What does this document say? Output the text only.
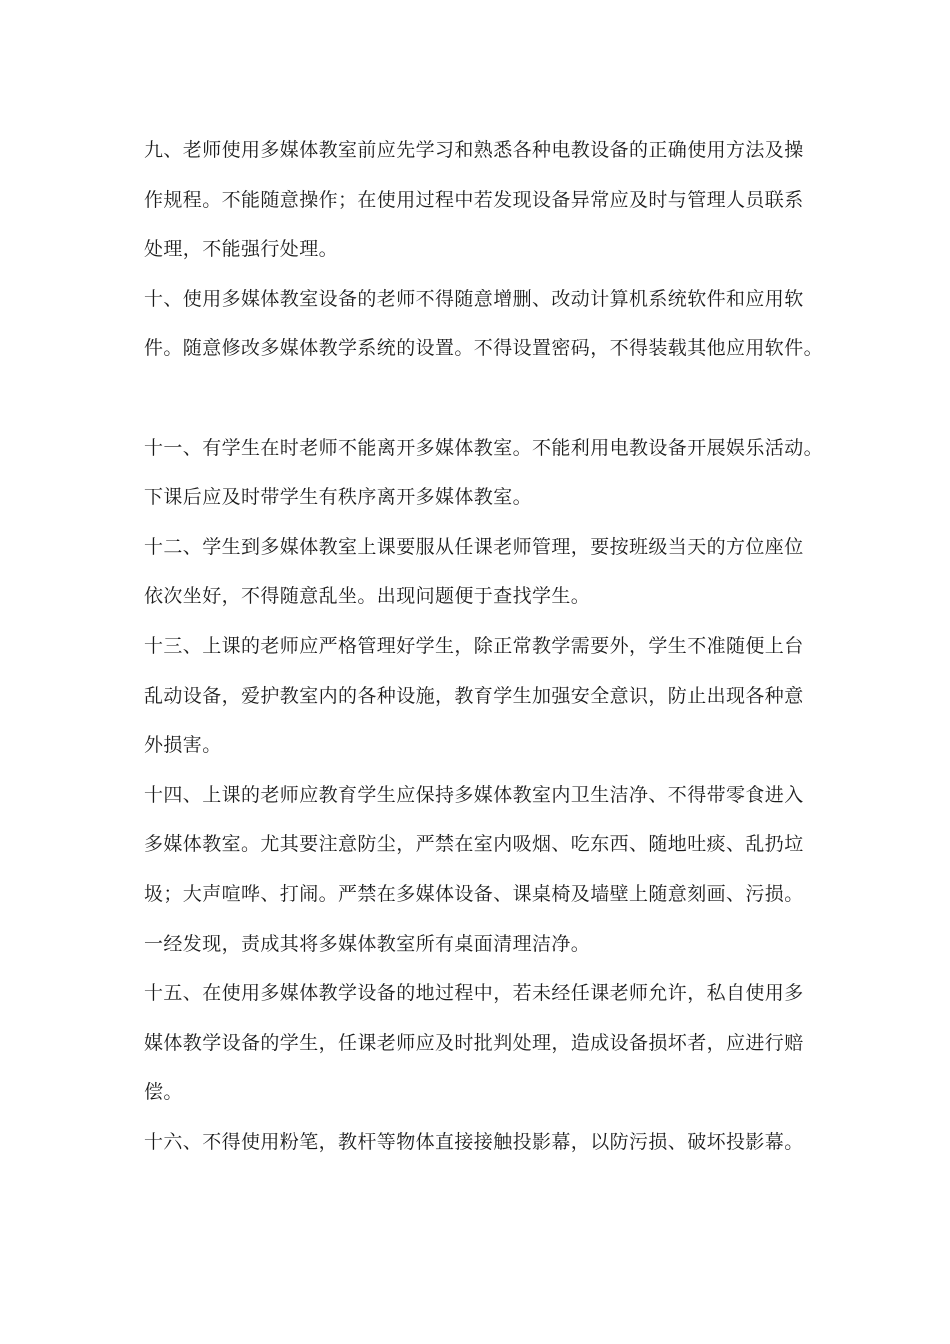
九、老师使用多媒体教室前应先学习和熟悉各种电教设备的正确使用方法及操
作规程。不能随意操作；在使用过程中若发现设备异常应及时与管理人员联系
处理，不能强行处理。
十、使用多媒体教室设备的老师不得随意增删、改动计算机系统软件和应用软
件。随意修改多媒体教学系统的设置。不得设置密码，不得装载其他应用软件。
十一、有学生在时老师不能离开多媒体教室。不能利用电教设备开展娱乐活动。
下课后应及时带学生有秩序离开多媒体教室。
十二、学生到多媒体教室上课要服从任课老师管理，要按班级当天的方位座位
依次坐好，不得随意乱坐。出现问题便于查找学生。
十三、上课的老师应严格管理好学生，除正常教学需要外，学生不准随便上台
乱动设备，爱护教室内的各种设施，教育学生加强安全意识，防止出现各种意
外损害。
十四、上课的老师应教育学生应保持多媒体教室内卫生洁净、不得带零食进入
多媒体教室。尤其要注意防尘，严禁在室内吸烟、吃东西、随地吐痰、乱扔垃
圾；大声喧哗、打闹。严禁在多媒体设备、课桌椅及墙壁上随意刻画、污损。
一经发现，责成其将多媒体教室所有桌面清理洁净。
十五、在使用多媒体教学设备的地过程中，若未经任课老师允许，私自使用多
媒体教学设备的学生，任课老师应及时批判处理，造成设备损坏者，应进行赔
偿。
十六、不得使用粉笔，教杆等物体直接接触投影幕，以防污损、破坏投影幕。
